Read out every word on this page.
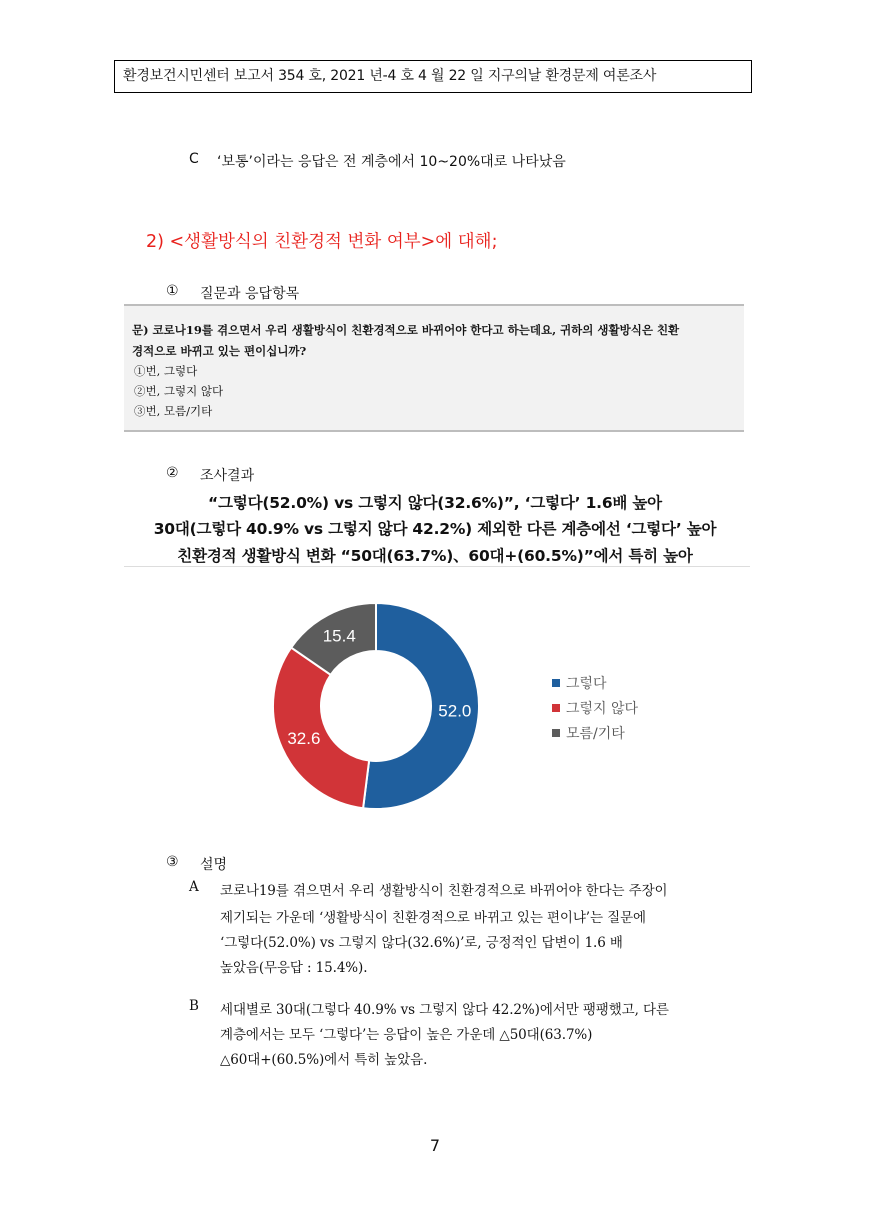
환경보건시민센터 보고서 354 호, 2021 년-4 호 4 월 22 일 지구의날 환경문제 여론조사
C ‘보통’이라는 응답은 전 계층에서 10~20%대로 나타났음
2) <생활방식의 친환경적 변화 여부>에 대해;
① 질문과 응답항목
문) 코로나19를 겪으면서 우리 생활방식이 친환경적으로 바뀌어야 한다고 하는데요, 귀하의 생활방식은 친환
경적으로 바뀌고 있는 편이십니까?
①번, 그렇다
②번, 그렇지 않다
③번, 모름/기타
② 조사결과
“그렇다(52.0%) vs 그렇지 않다(32.6%)”, ‘그렇다’ 1.6배 높아
30대(그렇다 40.9% vs 그렇지 않다 42.2%) 제외한 다른 계층에선 ‘그렇다’ 높아
친환경적 생활방식 변화 “50대(63.7%)、60대+(60.5%)”에서 특히 높아
52.0
32.6
15.4
그렇다
그렇지 않다
모름/기타
③ 설명
A 코로나19를 겪으면서 우리 생활방식이 친환경적으로 바뀌어야 한다는 주장이
제기되는 가운데 ‘생활방식이 친환경적으로 바뀌고 있는 편이냐’는 질문에
‘그렇다(52.0%) vs 그렇지 않다(32.6%)’로, 긍정적인 답변이 1.6 배
높았음(무응답 : 15.4%).
B 세대별로 30대(그렇다 40.9% vs 그렇지 않다 42.2%)에서만 팽팽했고, 다른
계층에서는 모두 ‘그렇다’는 응답이 높은 가운데 △50대(63.7%)
△60대+(60.5%)에서 특히 높았음.
7
